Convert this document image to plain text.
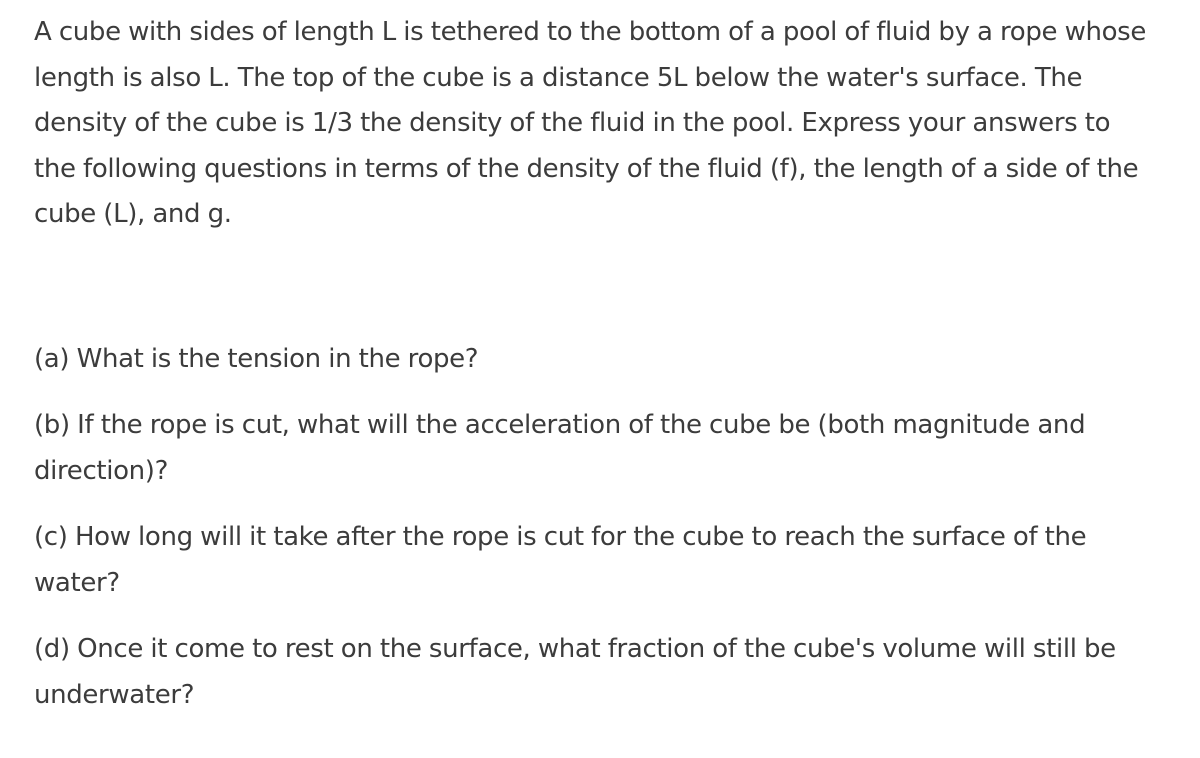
A cube with sides of length L is tethered to the bottom of a pool of fluid by a rope whose length is also L. The top of the cube is a distance 5L below the water's surface. The density of the cube is 1/3 the density of the fluid in the pool. Express your answers to the following questions in terms of the density of the fluid (f), the length of a side of the cube (L), and g.

(a) What is the tension in the rope?

(b) If the rope is cut, what will the acceleration of the cube be (both magnitude and direction)?

(c) How long will it take after the rope is cut for the cube to reach the surface of the water?

(d) Once it come to rest on the surface, what fraction of the cube's volume will still be underwater?
